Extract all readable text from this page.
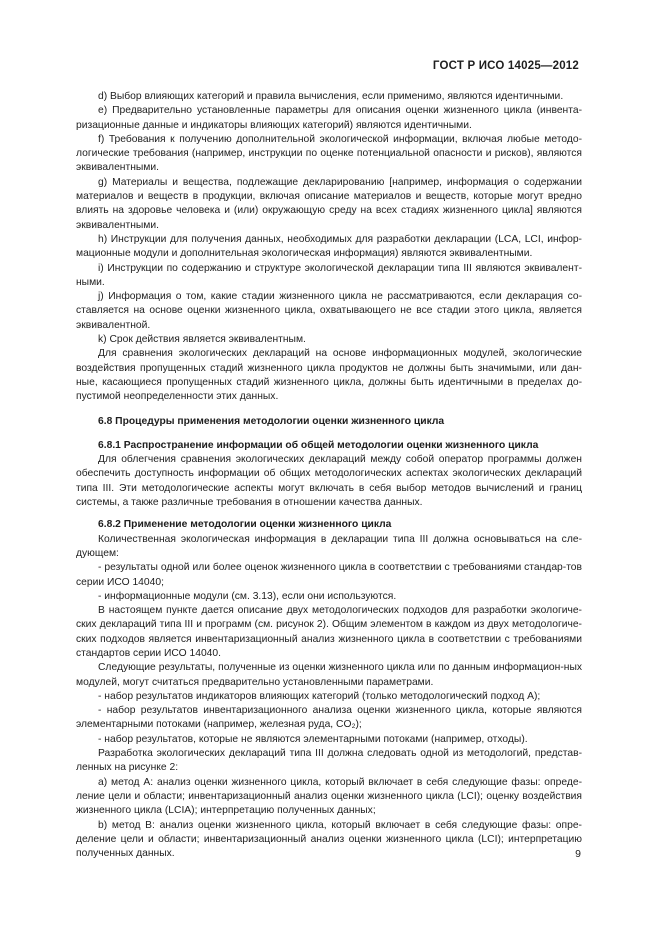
ГОСТ Р ИСО 14025—2012

d) Выбор влияющих категорий и правила вычисления, если применимо, являются идентичными.

e) Предварительно установленные параметры для описания оценки жизненного цикла (инвента-ризационные данные и индикаторы влияющих категорий) являются идентичными.

f) Требования к получению дополнительной экологической информации, включая любые методо-логические требования (например, инструкции по оценке потенциальной опасности и рисков), являются эквивалентными.

g) Материалы и вещества, подлежащие декларированию [например, информация о содержании материалов и веществ в продукции, включая описание материалов и веществ, которые могут вредно влиять на здоровье человека и (или) окружающую среду на всех стадиях жизненного цикла] являются эквивалентными.

h) Инструкции для получения данных, необходимых для разработки декларации (LCA, LCI, инфор-мационные модули и дополнительная экологическая информация) являются эквивалентными.

i) Инструкции по содержанию и структуре экологической декларации типа III являются эквивалент-ными.

j) Информация о том, какие стадии жизненного цикла не рассматриваются, если декларация со-ставляется на основе оценки жизненного цикла, охватывающего не все стадии этого цикла, является эквивалентной.

k) Срок действия является эквивалентным.

Для сравнения экологических деклараций на основе информационных модулей, экологические воздействия пропущенных стадий жизненного цикла продуктов не должны быть значимыми, или дан-ные, касающиеся пропущенных стадий жизненного цикла, должны быть идентичными в пределах до-пустимой неопределенности этих данных.

6.8 Процедуры применения методологии оценки жизненного цикла
6.8.1 Распространение информации об общей методологии оценки жизненного цикла

Для облегчения сравнения экологических деклараций между собой оператор программы должен обеспечить доступность информации об общих методологических аспектах экологических деклараций типа III. Эти методологические аспекты могут включать в себя выбор методов вычислений и границ системы, а также различные требования в отношении качества данных.

6.8.2 Применение методологии оценки жизненного цикла

Количественная экологическая информация в декларации типа III должна основываться на сле-дующем:

- результаты одной или более оценок жизненного цикла в соответствии с требованиями стандар-тов серии ИСО 14040;

- информационные модули (см. 3.13), если они используются.

В настоящем пункте дается описание двух методологических подходов для разработки экологиче-ских деклараций типа III и программ (см. рисунок 2). Общим элементом в каждом из двух методологиче-ских подходов является инвентаризационный анализ жизненного цикла в соответствии с требованиями стандартов серии ИСО 14040.

Следующие результаты, полученные из оценки жизненного цикла или по данным информацион-ных модулей, могут считаться предварительно установленными параметрами.

- набор результатов индикаторов влияющих категорий (только методологический подход А);

- набор результатов инвентаризационного анализа оценки жизненного цикла, которые являются элементарными потоками (например, железная руда, CO₂);

- набор результатов, которые не являются элементарными потоками (например, отходы).

Разработка экологических деклараций типа III должна следовать одной из методологий, представ-ленных на рисунке 2:

а) метод А: анализ оценки жизненного цикла, который включает в себя следующие фазы: опреде-ление цели и области; инвентаризационный анализ оценки жизненного цикла (LCI); оценку воздействия жизненного цикла (LCIA); интерпретацию полученных данных;

b) метод В: анализ оценки жизненного цикла, который включает в себя следующие фазы: опре-деление цели и области; инвентаризационный анализ оценки жизненного цикла (LCI); интерпретацию полученных данных.	9
